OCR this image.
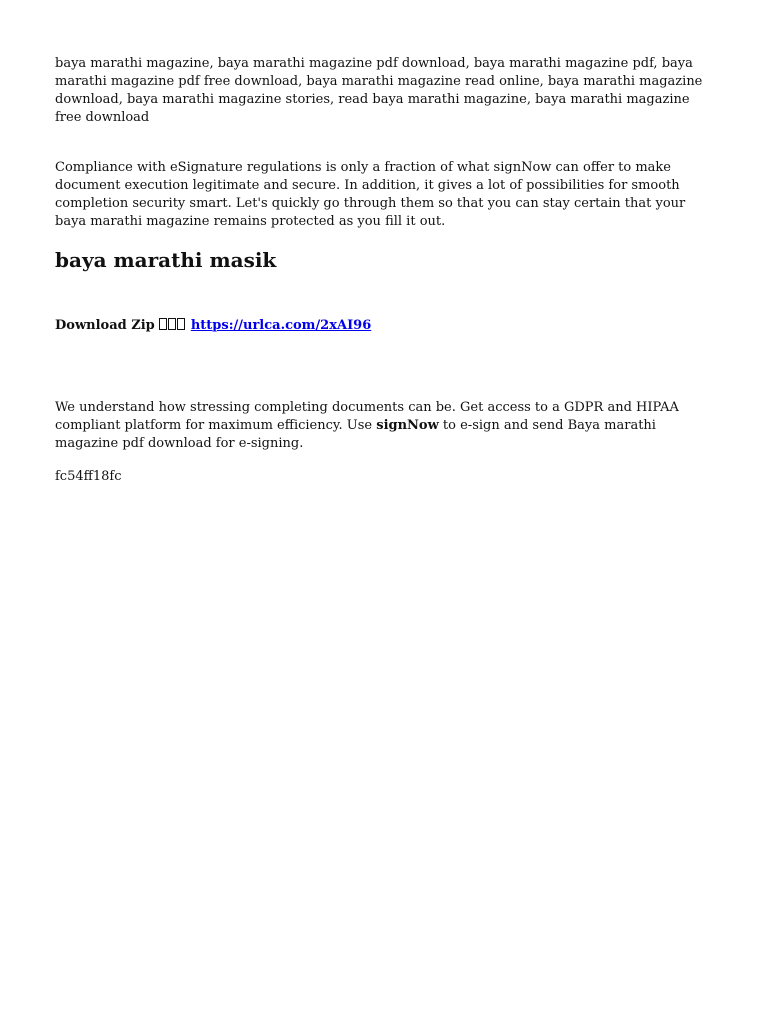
baya marathi magazine, baya marathi magazine pdf download, baya marathi magazine pdf, baya marathi magazine pdf free download, baya marathi magazine read online, baya marathi magazine download, baya marathi magazine stories, read baya marathi magazine, baya marathi magazine free download

Compliance with eSignature regulations is only a fraction of what signNow can offer to make document execution legitimate and secure. In addition, it gives a lot of possibilities for smooth completion security smart. Let's quickly go through them so that you can stay certain that your baya marathi magazine remains protected as you fill it out.

baya marathi masik

Download Zip	https://urlca.com/2xAI96

We understand how stressing completing documents can be. Get access to a GDPR and HIPAA compliant platform for maximum efficiency. Use signNow to e-sign and send Baya marathi magazine pdf download for e-signing.

fc54ff18fc
